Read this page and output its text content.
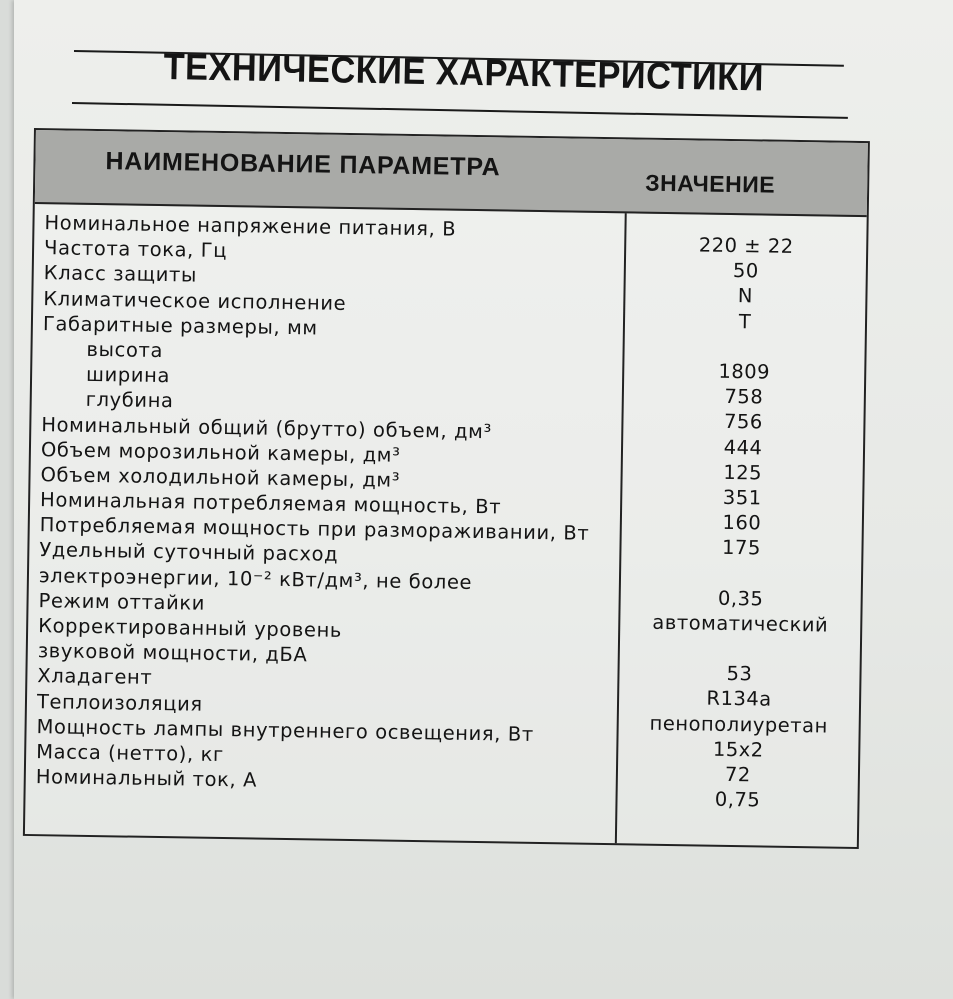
ТЕХНИЧЕСКИЕ ХАРАКТЕРИСТИКИ
НАИМЕНОВАНИЕ ПАРАМЕТРА
ЗНАЧЕНИЕ
Номинальное напряжение питания, В
Частота тока, Гц
Класс защиты
Климатическое исполнение
Габаритные размеры, мм
высота
ширина
глубина
Номинальный общий (брутто) объем, дм³
Объем морозильной камеры, дм³
Объем холодильной камеры, дм³
Номинальная потребляемая мощность, Вт
Потребляемая мощность при размораживании, Вт
Удельный суточный расход
электроэнергии, 10⁻² кВт/дм³, не более
Режим оттайки
Корректированный уровень
звуковой мощности, дБА
Хладагент
Теплоизоляция
Мощность лампы внутреннего освещения, Вт
Масса (нетто), кг
Номинальный ток, А
220 ± 22
50
N
T
1809
758
756
444
125
351
160
175
0,35
автоматический
53
R134a
пенополиуретан
15х2
72
0,75
